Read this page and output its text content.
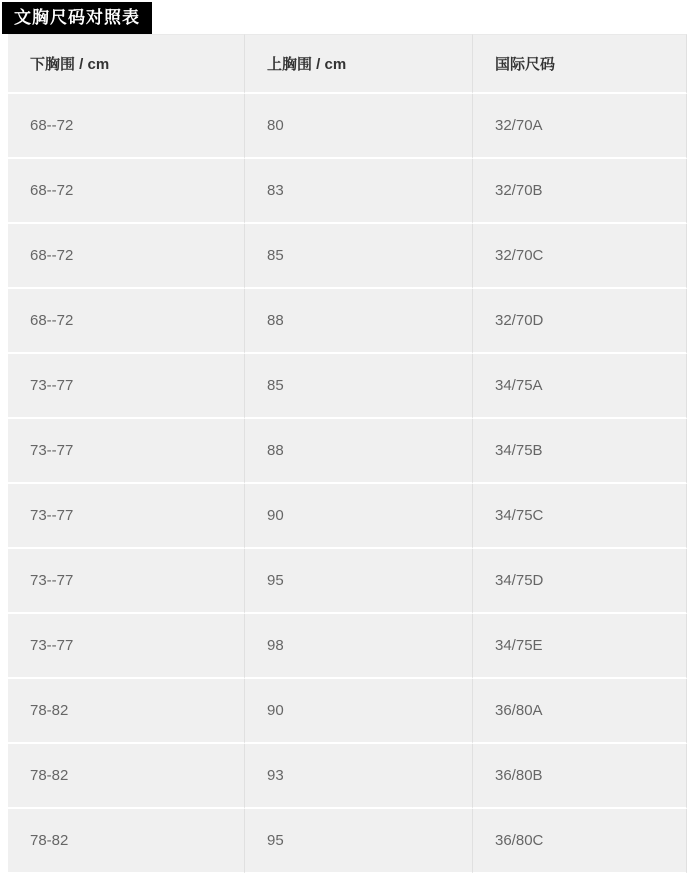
文胸尺码对照表
下胸围 / cm	上胸围 / cm	国际尺码
68--72	80	32/70A
68--72	83	32/70B
68--72	85	32/70C
68--72	88	32/70D
73--77	85	34/75A
73--77	88	34/75B
73--77	90	34/75C
73--77	95	34/75D
73--77	98	34/75E
78-82	90	36/80A
78-82	93	36/80B
78-82	95	36/80C
